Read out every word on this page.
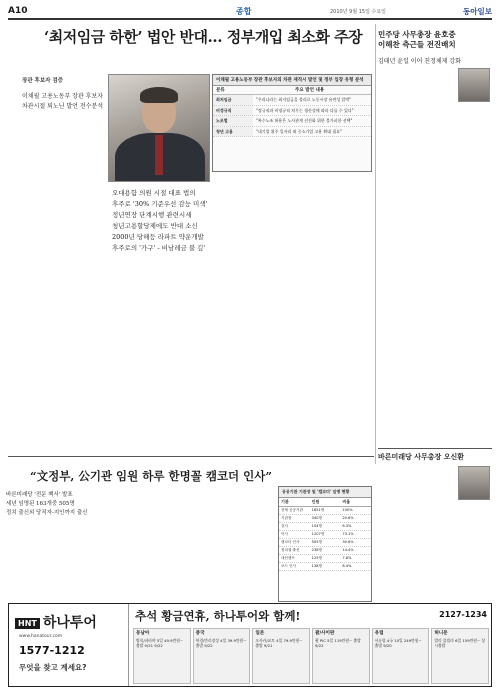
A10	종합	2010년 9월 15일 수요일	동아일보
‘최저임금 하한’ 법안 반대… 정부개입 최소화 주장
장관 후보자 검증
이채필 고용노동부 장관 후보자
차관시절 퇴노닌 발언 전수분석
이채필 고용노동부 장관 후보자의 차관 재직시 발언 및 정부 입장 유형 분석
분류	주요 발언 내용
최저임금	"우리나라는 최저임금을 불리로 노동시장 유연성 압박"
비정규직	"정규직과 비정규직 처우는 생산성에 따라 다를 수 있다"
노조법	"복수노조 허용은 노사관계 선진화 위한 불가피한 선택"
청년 고용	"대기업 위주 일자리 외 중소기업 고용 확대 필요"
오대용함 의원 시절 대표 법의
후주로 '30% 기준우선 감능 미색'
정년연장 단계시행 관련시세
청년고용할당제에도 반대 소신
2000년 당해등 라파트 약운개발
후주로의 '가구' - 비남레금 불 깊'
민주당 사무총장 윤호중
이해찬 측근들 전진배치
김태년 윤일 이어 친정체제 강화
바른미래당 사무총장 오신환
“文정부, 公기관 임원 하루 한명꼴 캠코더 인사”
바른미래당 '전문 백서' 발표
세년 임명된 163개중 505명
정치 출신외 당직자-지인까지 출신
공공기관 기관장 및 '캠코더' 임명 현황
기관	인원	비율
전체 공공기관	1651명	100%
기관장	340명	20.6%
감사	104명	6.3%
이사	1207명	73.1%
캠코더 인사	505명	30.6%
정치권 출신	238명	14.4%
대선캠프	129명	7.8%
코드 인사	138명	8.4%
HNT 하나투어
www.hanatour.com
1577-1212
무엇을 찾고 계세요?
추석 황금연휴, 하나투어와 함께!	2127-1234
동남아
방콕/파타야 5일 49.9만원~ 출발 9/21 9/22
중국
북경/만리장성 4일 39.9만원~ 출발 9/22
일본
오사카/교토 4일 79.9만원~ 출발 9/21
괌/사이판
괌 PIC 5일 119만원~ 출발 9/22
유럽
서유럽 4국 10일 249만원~ 출발 9/20
허니문
발리 풀빌라 6일 159만원~ 상시출발
